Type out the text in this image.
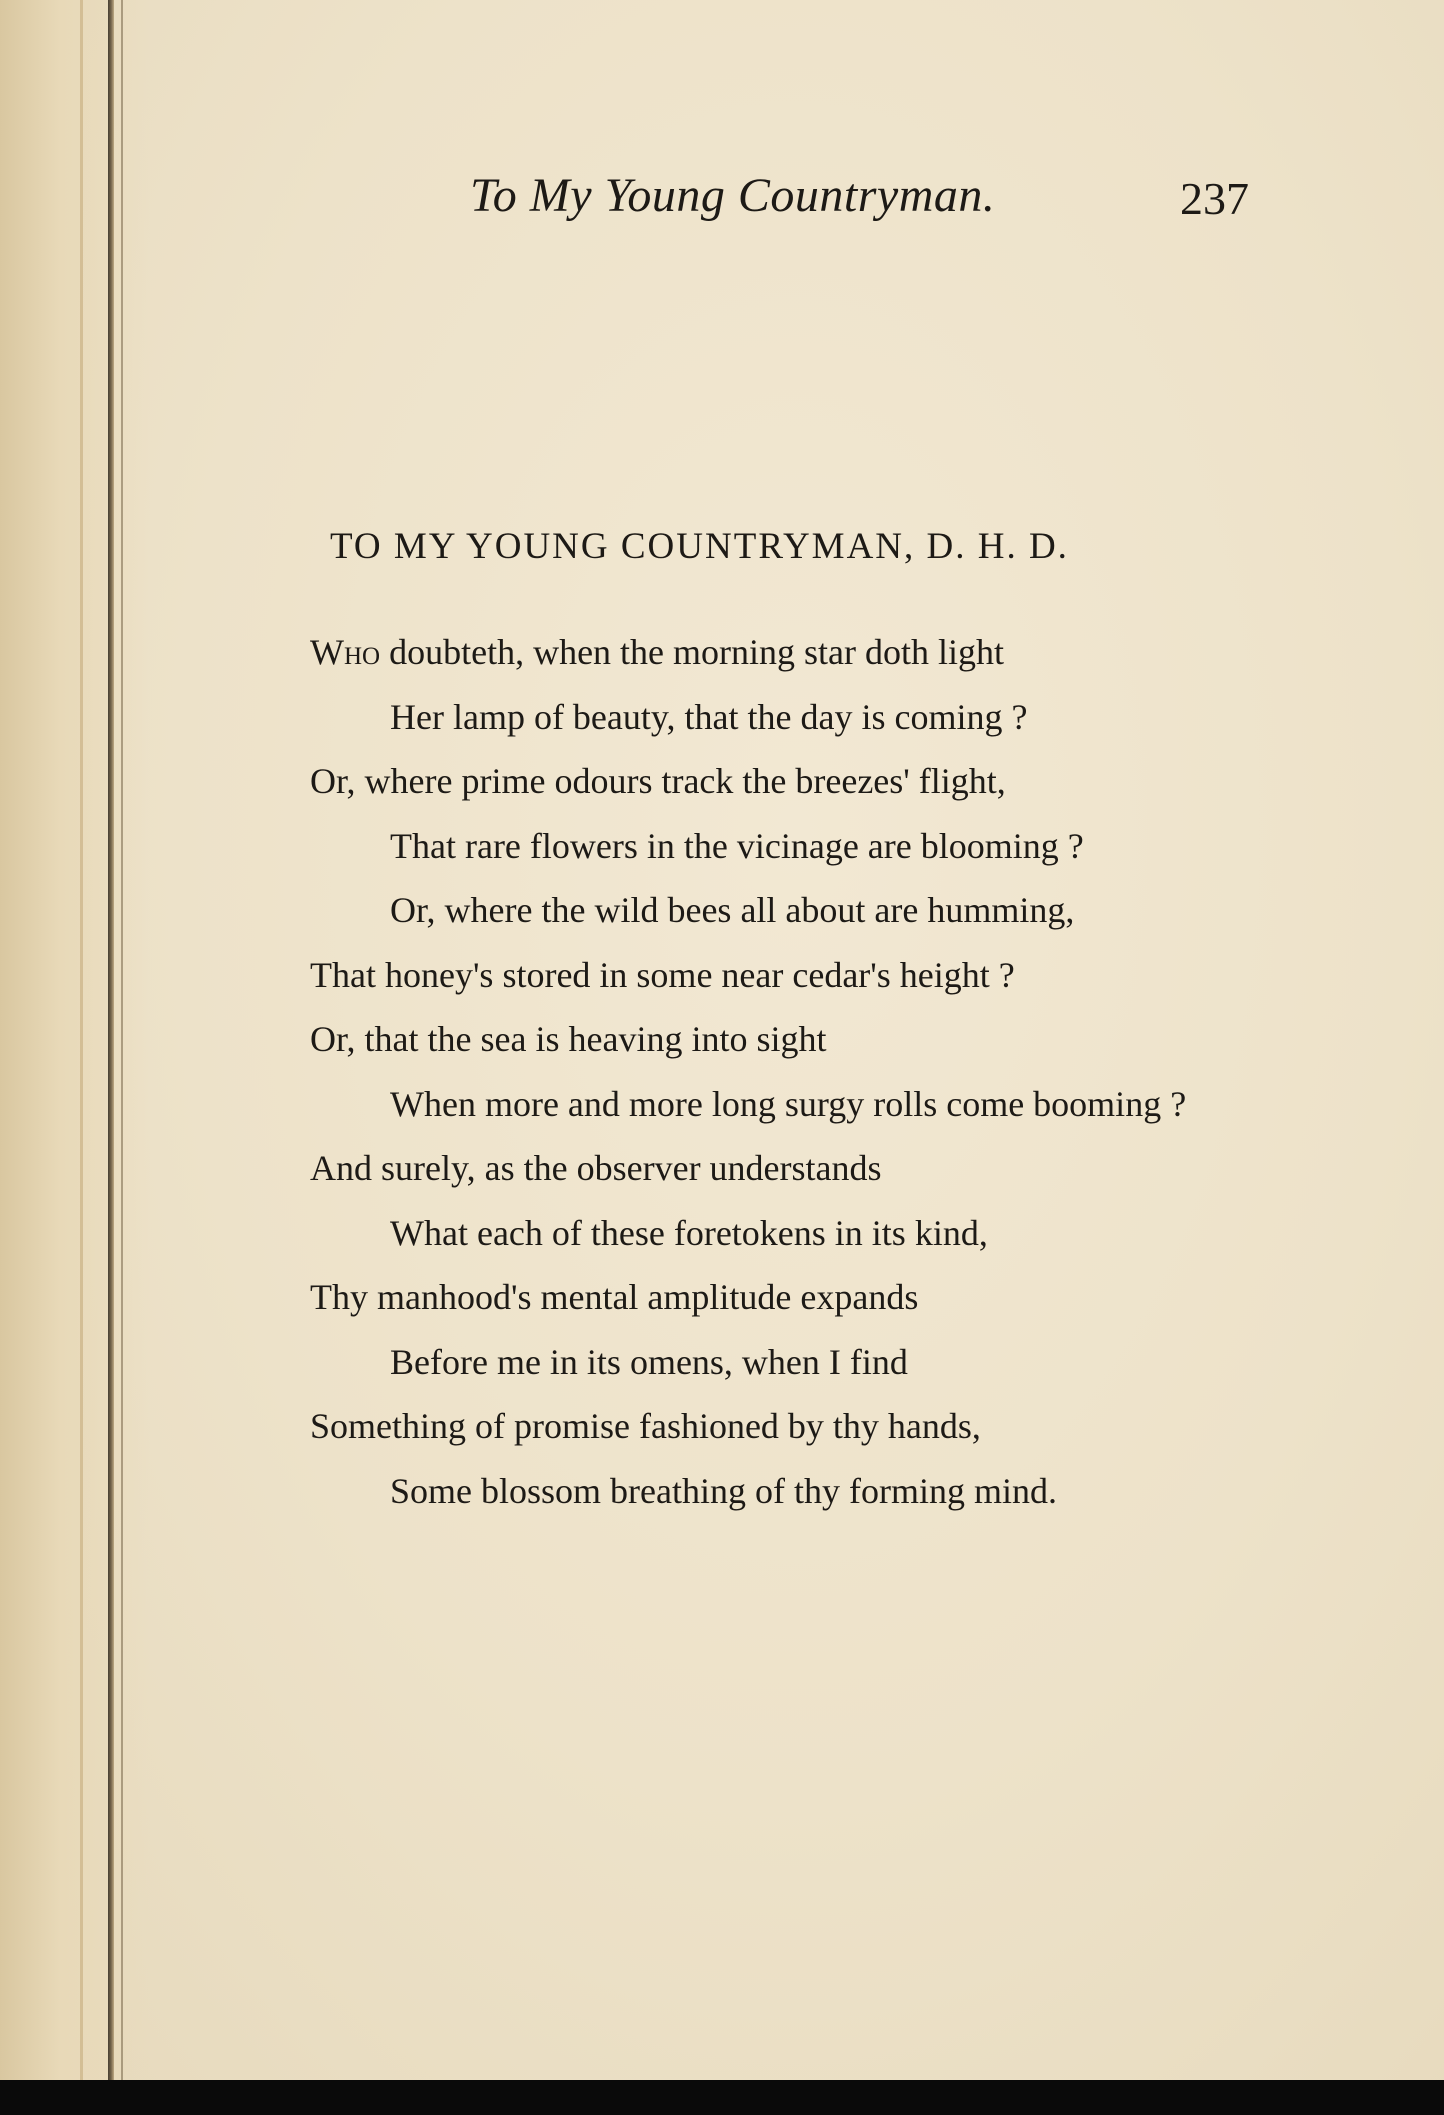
To My Young Countryman.	237
TO MY YOUNG COUNTRYMAN, D. H. D.
Who doubteth, when the morning star doth light
Her lamp of beauty, that the day is coming ?
Or, where prime odours track the breezes' flight,
That rare flowers in the vicinage are blooming ?
Or, where the wild bees all about are humming,
That honey's stored in some near cedar's height ?
Or, that the sea is heaving into sight
When more and more long surgy rolls come booming ?
And surely, as the observer understands
What each of these foretokens in its kind,
Thy manhood's mental amplitude expands
Before me in its omens, when I find
Something of promise fashioned by thy hands,
Some blossom breathing of thy forming mind.
